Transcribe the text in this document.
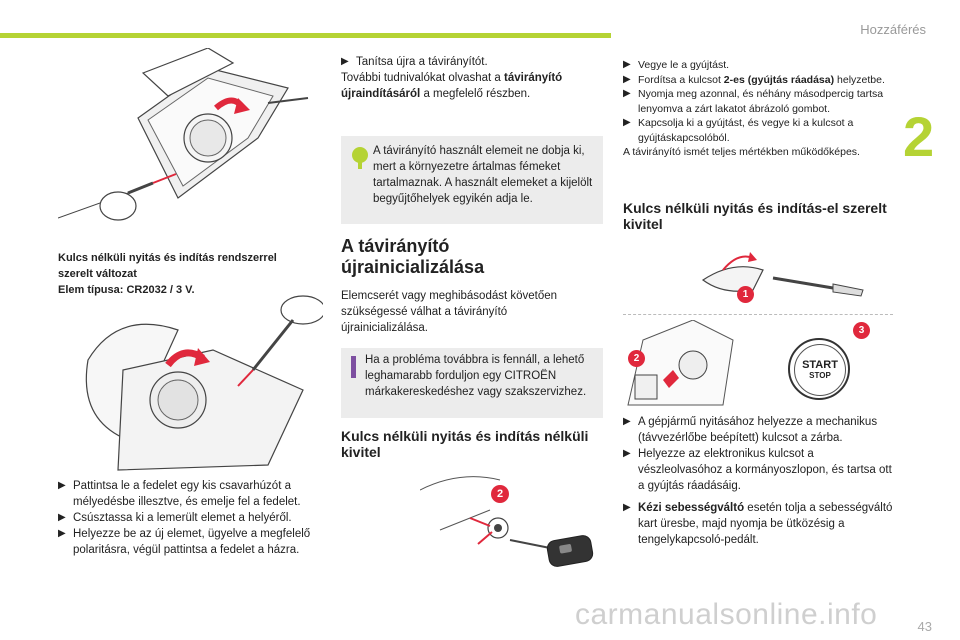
Hozzáférés
2
43
carmanualsonline.info
Kulcs nélküli nyitás és indítás rendszerrel
szerelt változat
Elem típusa: CR2032 / 3 V.
▶ Pattintsa le a fedelet egy kis csavarhúzót a mélyedésbe illesztve, és emelje fel a fedelet.
▶ Csúsztassa ki a lemerült elemet a helyéről.
▶ Helyezze be az új elemet, ügyelve a megfelelő polaritásra, végül pattintsa a fedelet a házra.
▶ Tanítsa újra a távirányítót.
További tudnivalókat olvashat a távirányító újraindításáról a megfelelő részben.
A távirányító használt elemeit ne dobja ki, mert a környezetre ártalmas fémeket tartalmaznak. A használt elemeket a kijelölt begyűjtőhelyek egyikén adja le.
A távirányító újrainicializálása
Elemcserét vagy meghibásodást követően szükségessé válhat a távirányító újrainicializálása.
Ha a probléma továbbra is fennáll, a lehető leghamarabb forduljon egy CITROËN márkakereskedéshez vagy szakszervizhez.
Kulcs nélküli nyitás és indítás nélküli kivitel
2
▶ Vegye le a gyújtást.
▶ Fordítsa a kulcsot 2-es (gyújtás ráadása) helyzetbe.
▶ Nyomja meg azonnal, és néhány másodpercig tartsa lenyomva a zárt lakatot ábrázoló gombot.
▶ Kapcsolja ki a gyújtást, és vegye ki a kulcsot a gyújtáskapcsolóból.
A távirányító ismét teljes mértékben működőképes.
Kulcs nélküli nyitás és indítás-el szerelt kivitel
1
2
START
STOP
3
▶ A gépjármű nyitásához helyezze a mechanikus (távvezérlőbe beépített) kulcsot a zárba.
▶ Helyezze az elektronikus kulcsot a vészleolvasóhoz a kormányoszlopon, és tartsa ott a gyújtás ráadásáig.
▶ Kézi sebességváltó esetén tolja a sebességváltó kart üresbe, majd nyomja be ütközésig a tengelykapcsoló-pedált.
